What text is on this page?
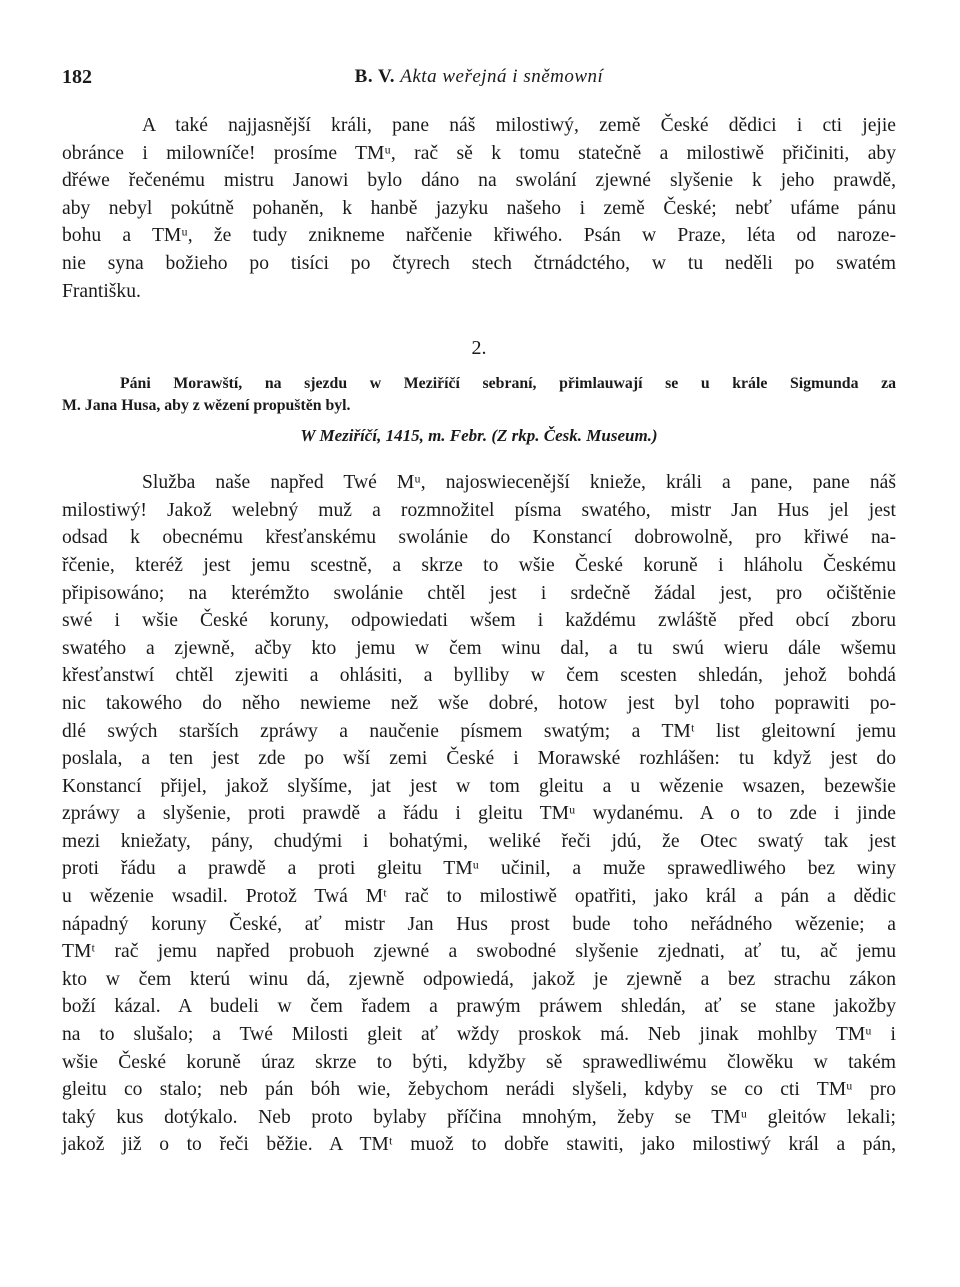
182	B. V. Akta weřejná i sněmowní
A také najjasnější králi, pane náš milostiwý, země České dědici i cti jejie
obránce i milowníče! prosíme TMᵘ, rač sě k tomu statečně a milostiwě přičiniti, aby
dřéwe řečenému mistru Janowi bylo dáno na swolání zjewné slyšenie k jeho prawdě,
aby nebyl pokútně pohaněn, k hanbě jazyku našeho i země České; nebť ufáme pánu
bohu a TMᵘ, že tudy znikneme nařčenie křiwého. Psán w Praze, léta od naroze-
nie syna božieho po tisíci po čtyrech stech čtrnádctého, w tu neděli po swatém
Františku.
2.
Páni Morawští, na sjezdu w Meziříčí sebraní, přimlauwají se u krále Sigmunda za
M. Jana Husa, aby z wězení propuštěn byl.
W Meziříčí, 1415, m. Febr. (Z rkp. Česk. Museum.)
Služba naše napřed Twé Mᵘ, najoswiecenější knieže, králi a pane, pane náš
milostiwý! Jakož welebný muž a rozmnožitel písma swatého, mistr Jan Hus jel jest
odsad k obecnému křesťanskému swolánie do Konstancí dobrowolně, pro křiwé na-
řčenie, kteréž jest jemu scestně, a skrze to wšie České koruně i hláholu Českému
připisowáno; na kterémžto swolánie chtěl jest i srdečně žádal jest, pro očištěnie
swé i wšie České koruny, odpowiedati wšem i každému zwláště před obcí zboru
swatého a zjewně, ačby kto jemu w čem winu dal, a tu swú wieru dále wšemu
křesťanstwí chtěl zjewiti a ohlásiti, a bylliby w čem scesten shledán, jehož bohdá
nic takowého do něho newieme než wše dobré, hotow jest byl toho poprawiti po-
dlé swých starších zpráwy a naučenie písmem swatým; a TMᵗ list gleitowní jemu
poslala, a ten jest zde po wší zemi České i Morawské rozhlášen: tu když jest do
Konstancí přijel, jakož slyšíme, jat jest w tom gleitu a u wězenie wsazen, bezewšie
zpráwy a slyšenie, proti prawdě a řádu i gleitu TMᵘ wydanému. A o to zde i jinde
mezi kniežaty, pány, chudými i bohatými, weliké řeči jdú, že Otec swatý tak jest
proti řádu a prawdě a proti gleitu TMᵘ učinil, a muže sprawedliwého bez winy
u wězenie wsadil. Protož Twá Mᵗ rač to milostiwě opatřiti, jako král a pán a dědic
nápadný koruny České, ať mistr Jan Hus prost bude toho neřádného wězenie; a
TMᵗ rač jemu napřed probuoh zjewné a swobodné slyšenie zjednati, ať tu, ač jemu
kto w čem kterú winu dá, zjewně odpowiedá, jakož je zjewně a bez strachu zákon
boží kázal. A budeli w čem řadem a prawým práwem shledán, ať se stane jakožby
na to slušalo; a Twé Milosti gleit ať wždy proskok má. Neb jinak mohlby TMᵘ i
wšie České koruně úraz skrze to býti, kdyžby sě sprawedliwému člowěku w takém
gleitu co stalo; neb pán bóh wie, žebychom nerádi slyšeli, kdyby se co cti TMᵘ pro
taký kus dotýkalo. Neb proto bylaby příčina mnohým, žeby se TMᵘ gleitów lekali;
jakož již o to řeči běžie. A TMᵗ muož to dobře stawiti, jako milostiwý král a pán,
